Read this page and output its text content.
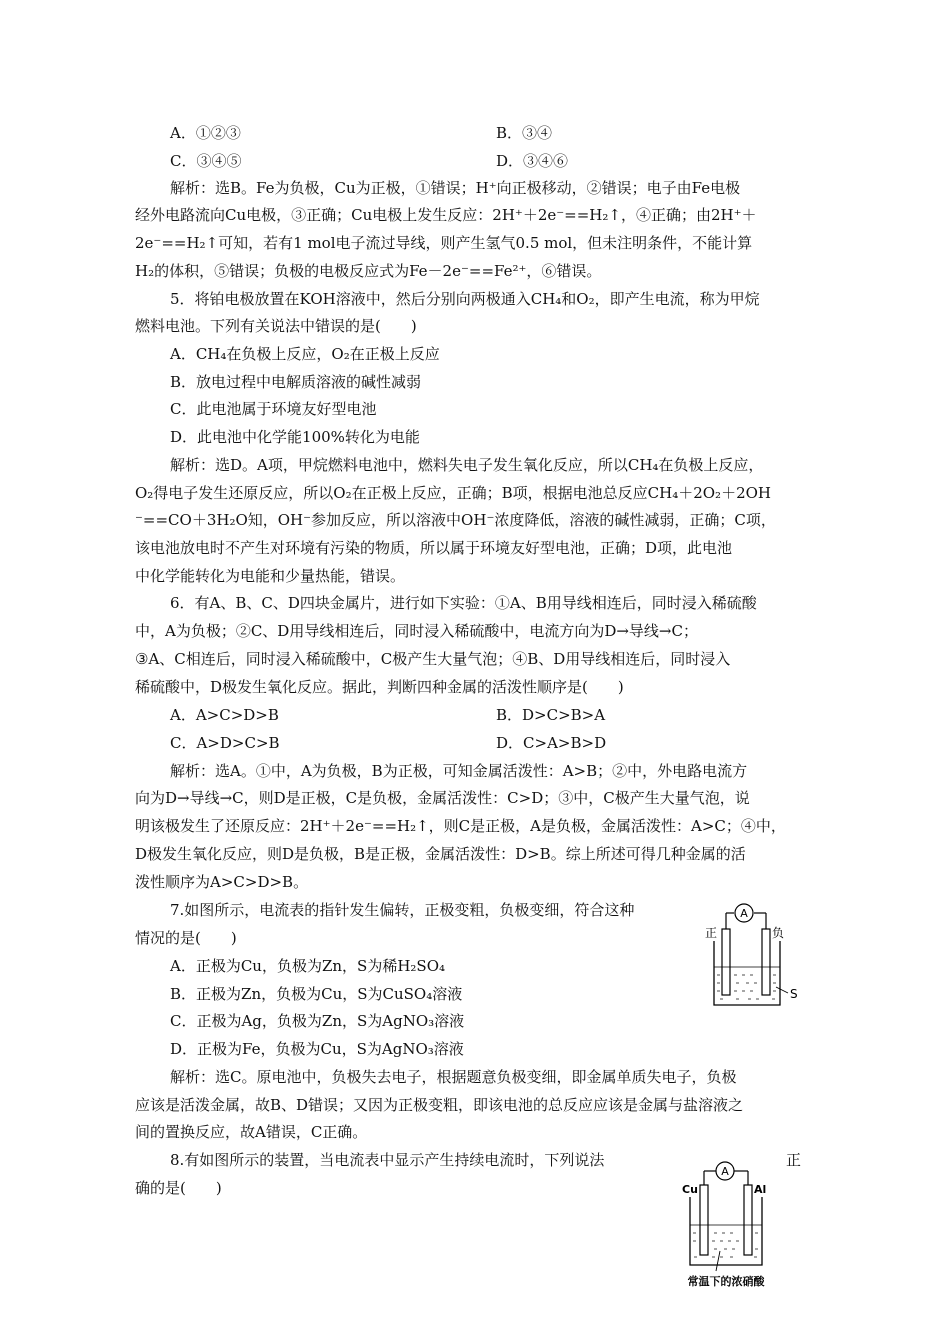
A．①②③	B．③④
C．③④⑤	D．③④⑥
解析：选B。Fe为负极，Cu为正极，①错误；H⁺向正极移动，②错误；电子由Fe电极
经外电路流向Cu电极，③正确；Cu电极上发生反应：2H⁺＋2e⁻==H₂↑，④正确；由2H⁺＋
2e⁻==H₂↑可知，若有1 mol电子流过导线，则产生氢气0.5 mol，但未注明条件，不能计算
H₂的体积，⑤错误；负极的电极反应式为Fe－2e⁻==Fe²⁺，⑥错误。
5．将铂电极放置在KOH溶液中，然后分别向两极通入CH₄和O₂，即产生电流，称为甲烷
燃料电池。下列有关说法中错误的是(　　)
A．CH₄在负极上反应，O₂在正极上反应
B．放电过程中电解质溶液的碱性减弱
C．此电池属于环境友好型电池
D．此电池中化学能100%转化为电能
解析：选D。A项，甲烷燃料电池中，燃料失电子发生氧化反应，所以CH₄在负极上反应，
O₂得电子发生还原反应，所以O₂在正极上反应，正确；B项，根据电池总反应CH₄＋2O₂＋2OH
⁻==CO＋3H₂O知，OH⁻参加反应，所以溶液中OH⁻浓度降低，溶液的碱性减弱，正确；C项，
该电池放电时不产生对环境有污染的物质，所以属于环境友好型电池，正确；D项，此电池
中化学能转化为电能和少量热能，错误。
6．有A、B、C、D四块金属片，进行如下实验：①A、B用导线相连后，同时浸入稀硫酸
中，A为负极；②C、D用导线相连后，同时浸入稀硫酸中，电流方向为D→导线→C；
③A、C相连后，同时浸入稀硫酸中，C极产生大量气泡；④B、D用导线相连后，同时浸入
稀硫酸中，D极发生氧化反应。据此，判断四种金属的活泼性顺序是(　　)
A．A>C>D>B	B．D>C>B>A
C．A>D>C>B	D．C>A>B>D
解析：选A。①中，A为负极，B为正极，可知金属活泼性：A>B；②中，外电路电流方
向为D→导线→C，则D是正极，C是负极，金属活泼性：C>D；③中，C极产生大量气泡，说
明该极发生了还原反应：2H⁺＋2e⁻==H₂↑，则C是正极，A是负极，金属活泼性：A>C；④中，
D极发生氧化反应，则D是负极，B是正极，金属活泼性：D>B。综上所述可得几种金属的活
泼性顺序为A>C>D>B。
7.如图所示，电流表的指针发生偏转，正极变粗，负极变细，符合这种
情况的是(　　)
A．正极为Cu，负极为Zn，S为稀H₂SO₄
B．正极为Zn，负极为Cu，S为CuSO₄溶液
C．正极为Ag，负极为Zn，S为AgNO₃溶液
D．正极为Fe，负极为Cu，S为AgNO₃溶液
解析：选C。原电池中，负极失去电子，根据题意负极变细，即金属单质失电子，负极
应该是活泼金属，故B、D错误；又因为正极变粗，即该电池的总反应应该是金属与盐溶液之
间的置换反应，故A错误，C正确。
A
正	负
S
8.有如图所示的装置，当电流表中显示产生持续电流时，下列说法	正
确的是(　　)
A
Cu	Al
常温下的浓硝酸
